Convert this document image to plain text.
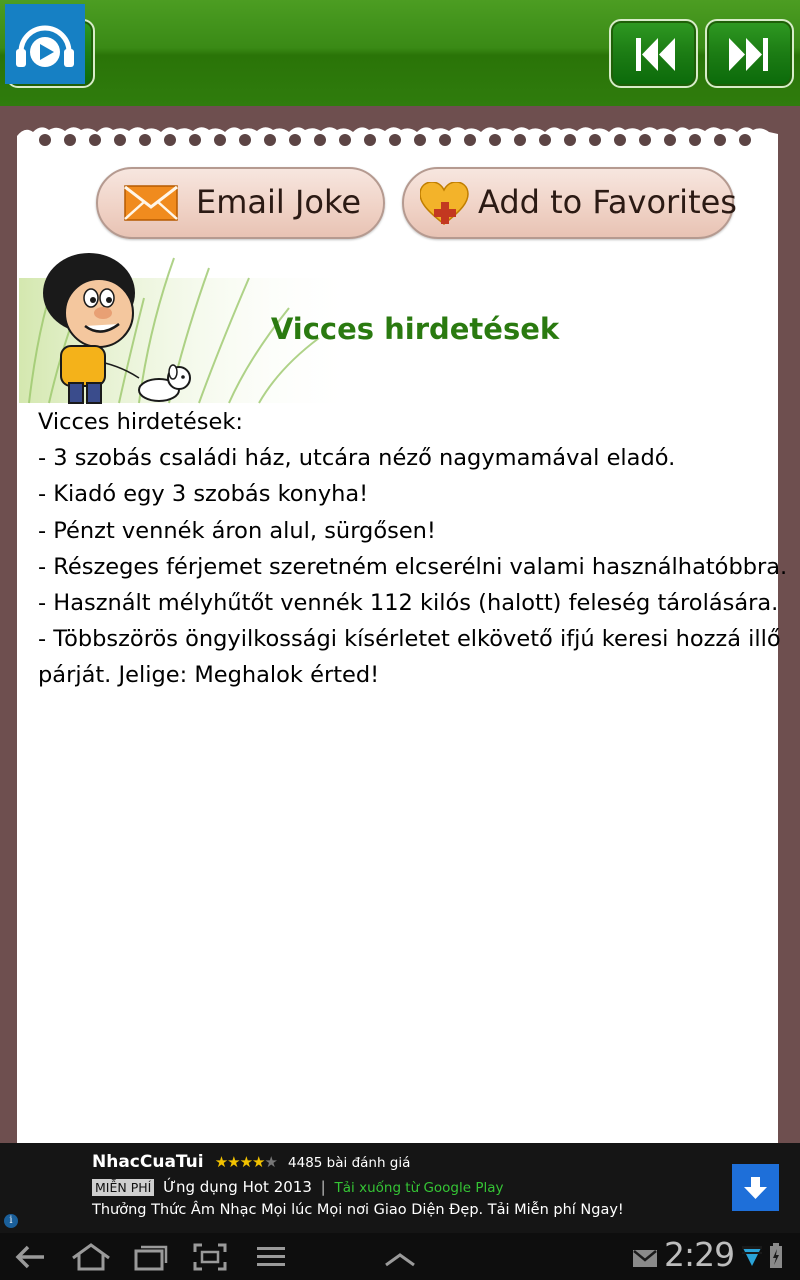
Email Joke	Add to Favorites
Vicces hirdetések
Vicces hirdetések:
- 3 szobás családi ház, utcára néző nagymamával eladó.
- Kiadó egy 3 szobás konyha!
- Pénzt vennék áron alul, sürgősen!
- Részeges férjemet szeretném elcserélni valami használhatóbbra.
- Használt mélyhűtőt vennék 112 kilós (halott) feleség tárolására.
- Többszörös öngyilkossági kísérletet elkövető ifjú keresi hozzá illő
párját. Jelige: Meghalok érted!
i
NhacCuaTui ★★★★★ 4485 bài đánh giá
MIỄN PHÍ Ứng dụng Hot 2013 | Tải xuống từ Google Play
Thưởng Thức Âm Nhạc Mọi lúc Mọi nơi Giao Diện Đẹp. Tải Miễn phí Ngay!
2:29
